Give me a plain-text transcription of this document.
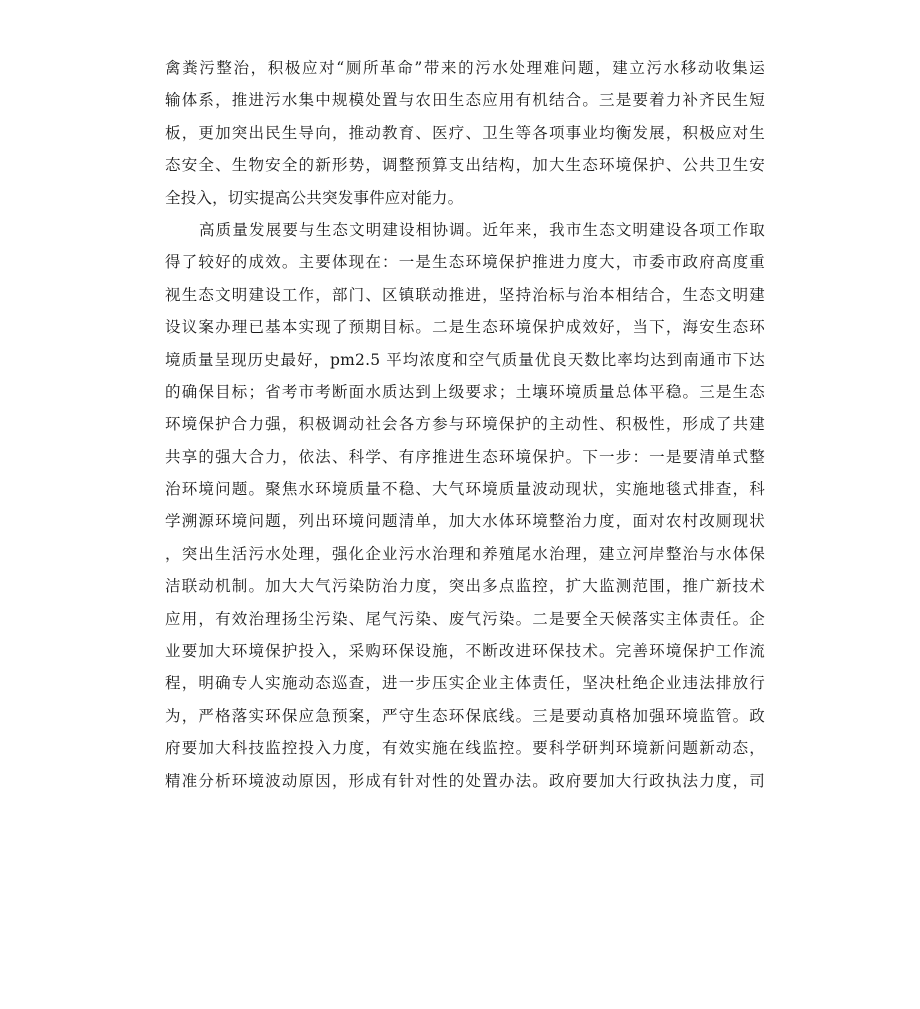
禽粪污整治，积极应对“厕所革命”带来的污水处理难问题，建立污水移动收集运
输体系，推进污水集中规模处置与农田生态应用有机结合。三是要着力补齐民生短
板，更加突出民生导向，推动教育、医疗、卫生等各项事业均衡发展，积极应对生
态安全、生物安全的新形势，调整预算支出结构，加大生态环境保护、公共卫生安
全投入，切实提高公共突发事件应对能力。
高质量发展要与生态文明建设相协调。近年来，我市生态文明建设各项工作取
得了较好的成效。主要体现在：一是生态环境保护推进力度大，市委市政府高度重
视生态文明建设工作，部门、区镇联动推进，坚持治标与治本相结合，生态文明建
设议案办理已基本实现了预期目标。二是生态环境保护成效好，当下，海安生态环
境质量呈现历史最好，pm2.5 平均浓度和空气质量优良天数比率均达到南通市下达
的确保目标；省考市考断面水质达到上级要求；土壤环境质量总体平稳。三是生态
环境保护合力强，积极调动社会各方参与环境保护的主动性、积极性，形成了共建
共享的强大合力，依法、科学、有序推进生态环境保护。下一步：一是要清单式整
治环境问题。聚焦水环境质量不稳、大气环境质量波动现状，实施地毯式排查，科
学溯源环境问题，列出环境问题清单，加大水体环境整治力度，面对农村改厕现状
，突出生活污水处理，强化企业污水治理和养殖尾水治理，建立河岸整治与水体保
洁联动机制。加大大气污染防治力度，突出多点监控，扩大监测范围，推广新技术
应用，有效治理扬尘污染、尾气污染、废气污染。二是要全天候落实主体责任。企
业要加大环境保护投入，采购环保设施，不断改进环保技术。完善环境保护工作流
程，明确专人实施动态巡查，进一步压实企业主体责任，坚决杜绝企业违法排放行
为，严格落实环保应急预案，严守生态环保底线。三是要动真格加强环境监管。政
府要加大科技监控投入力度，有效实施在线监控。要科学研判环境新问题新动态，
精准分析环境波动原因，形成有针对性的处置办法。政府要加大行政执法力度，司
